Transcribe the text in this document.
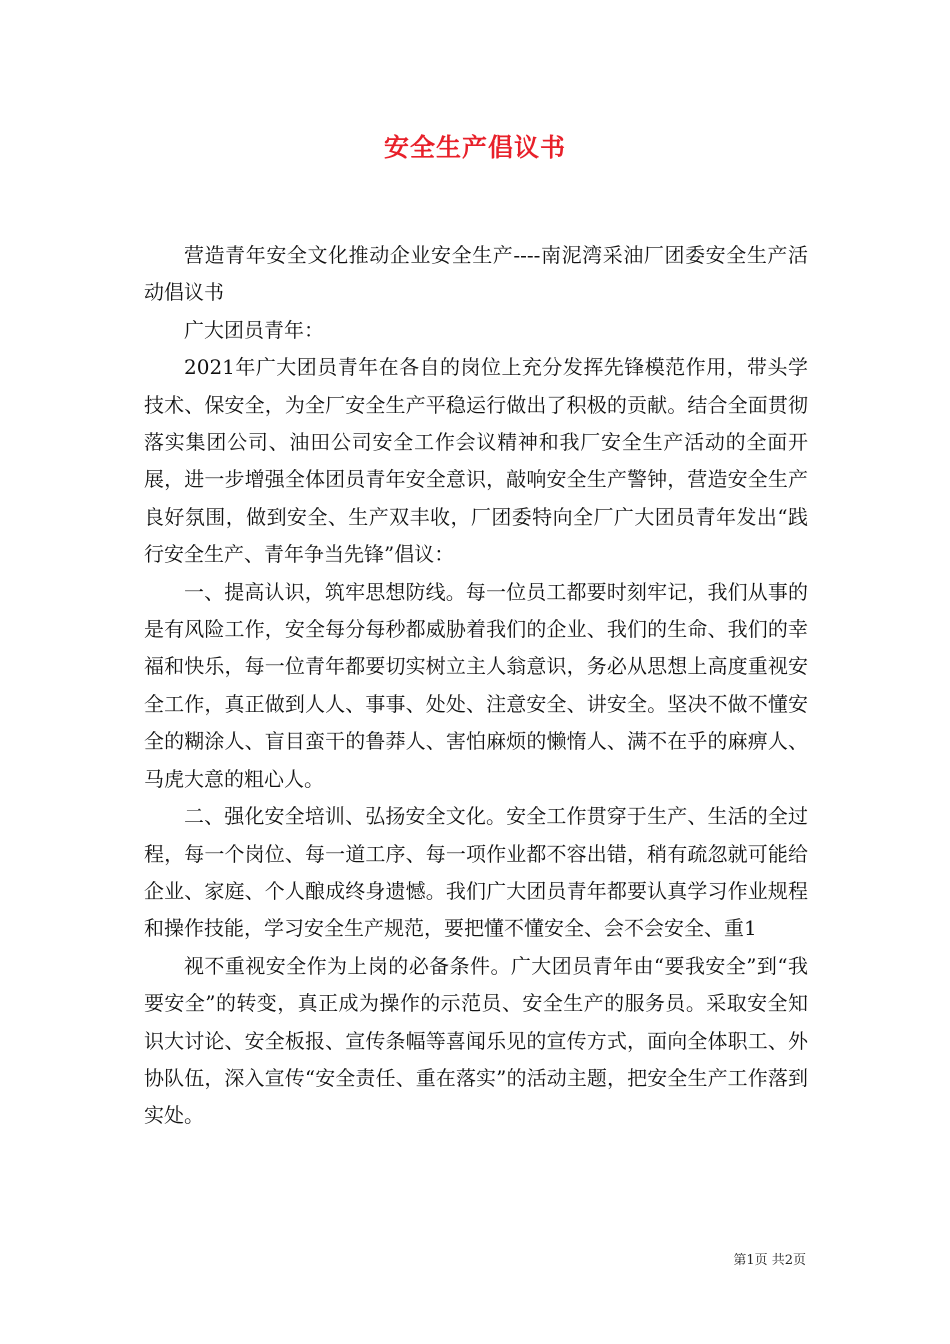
安全生产倡议书

营造青年安全文化推动企业安全生产----南泥湾采油厂团委安全生产活动倡议书

广大团员青年：

2021年广大团员青年在各自的岗位上充分发挥先锋模范作用，带头学技术、保安全，为全厂安全生产平稳运行做出了积极的贡献。结合全面贯彻落实集团公司、油田公司安全工作会议精神和我厂安全生产活动的全面开展，进一步增强全体团员青年安全意识，敲响安全生产警钟，营造安全生产良好氛围，做到安全、生产双丰收，厂团委特向全厂广大团员青年发出“践行安全生产、青年争当先锋”倡议：

一、提高认识，筑牢思想防线。每一位员工都要时刻牢记，我们从事的是有风险工作，安全每分每秒都威胁着我们的企业、我们的生命、我们的幸福和快乐，每一位青年都要切实树立主人翁意识，务必从思想上高度重视安全工作，真正做到人人、事事、处处、注意安全、讲安全。坚决不做不懂安全的糊涂人、盲目蛮干的鲁莽人、害怕麻烦的懒惰人、满不在乎的麻痹人、马虎大意的粗心人。

二、强化安全培训、弘扬安全文化。安全工作贯穿于生产、生活的全过程，每一个岗位、每一道工序、每一项作业都不容出错，稍有疏忽就可能给企业、家庭、个人酿成终身遗憾。我们广大团员青年都要认真学习作业规程和操作技能，学习安全生产规范，要把懂不懂安全、会不会安全、重1

视不重视安全作为上岗的必备条件。广大团员青年由“要我安全”到“我要安全”的转变，真正成为操作的示范员、安全生产的服务员。采取安全知识大讨论、安全板报、宣传条幅等喜闻乐见的宣传方式，面向全体职工、外协队伍，深入宣传“安全责任、重在落实”的活动主题，把安全生产工作落到实处。

第1页 共2页
